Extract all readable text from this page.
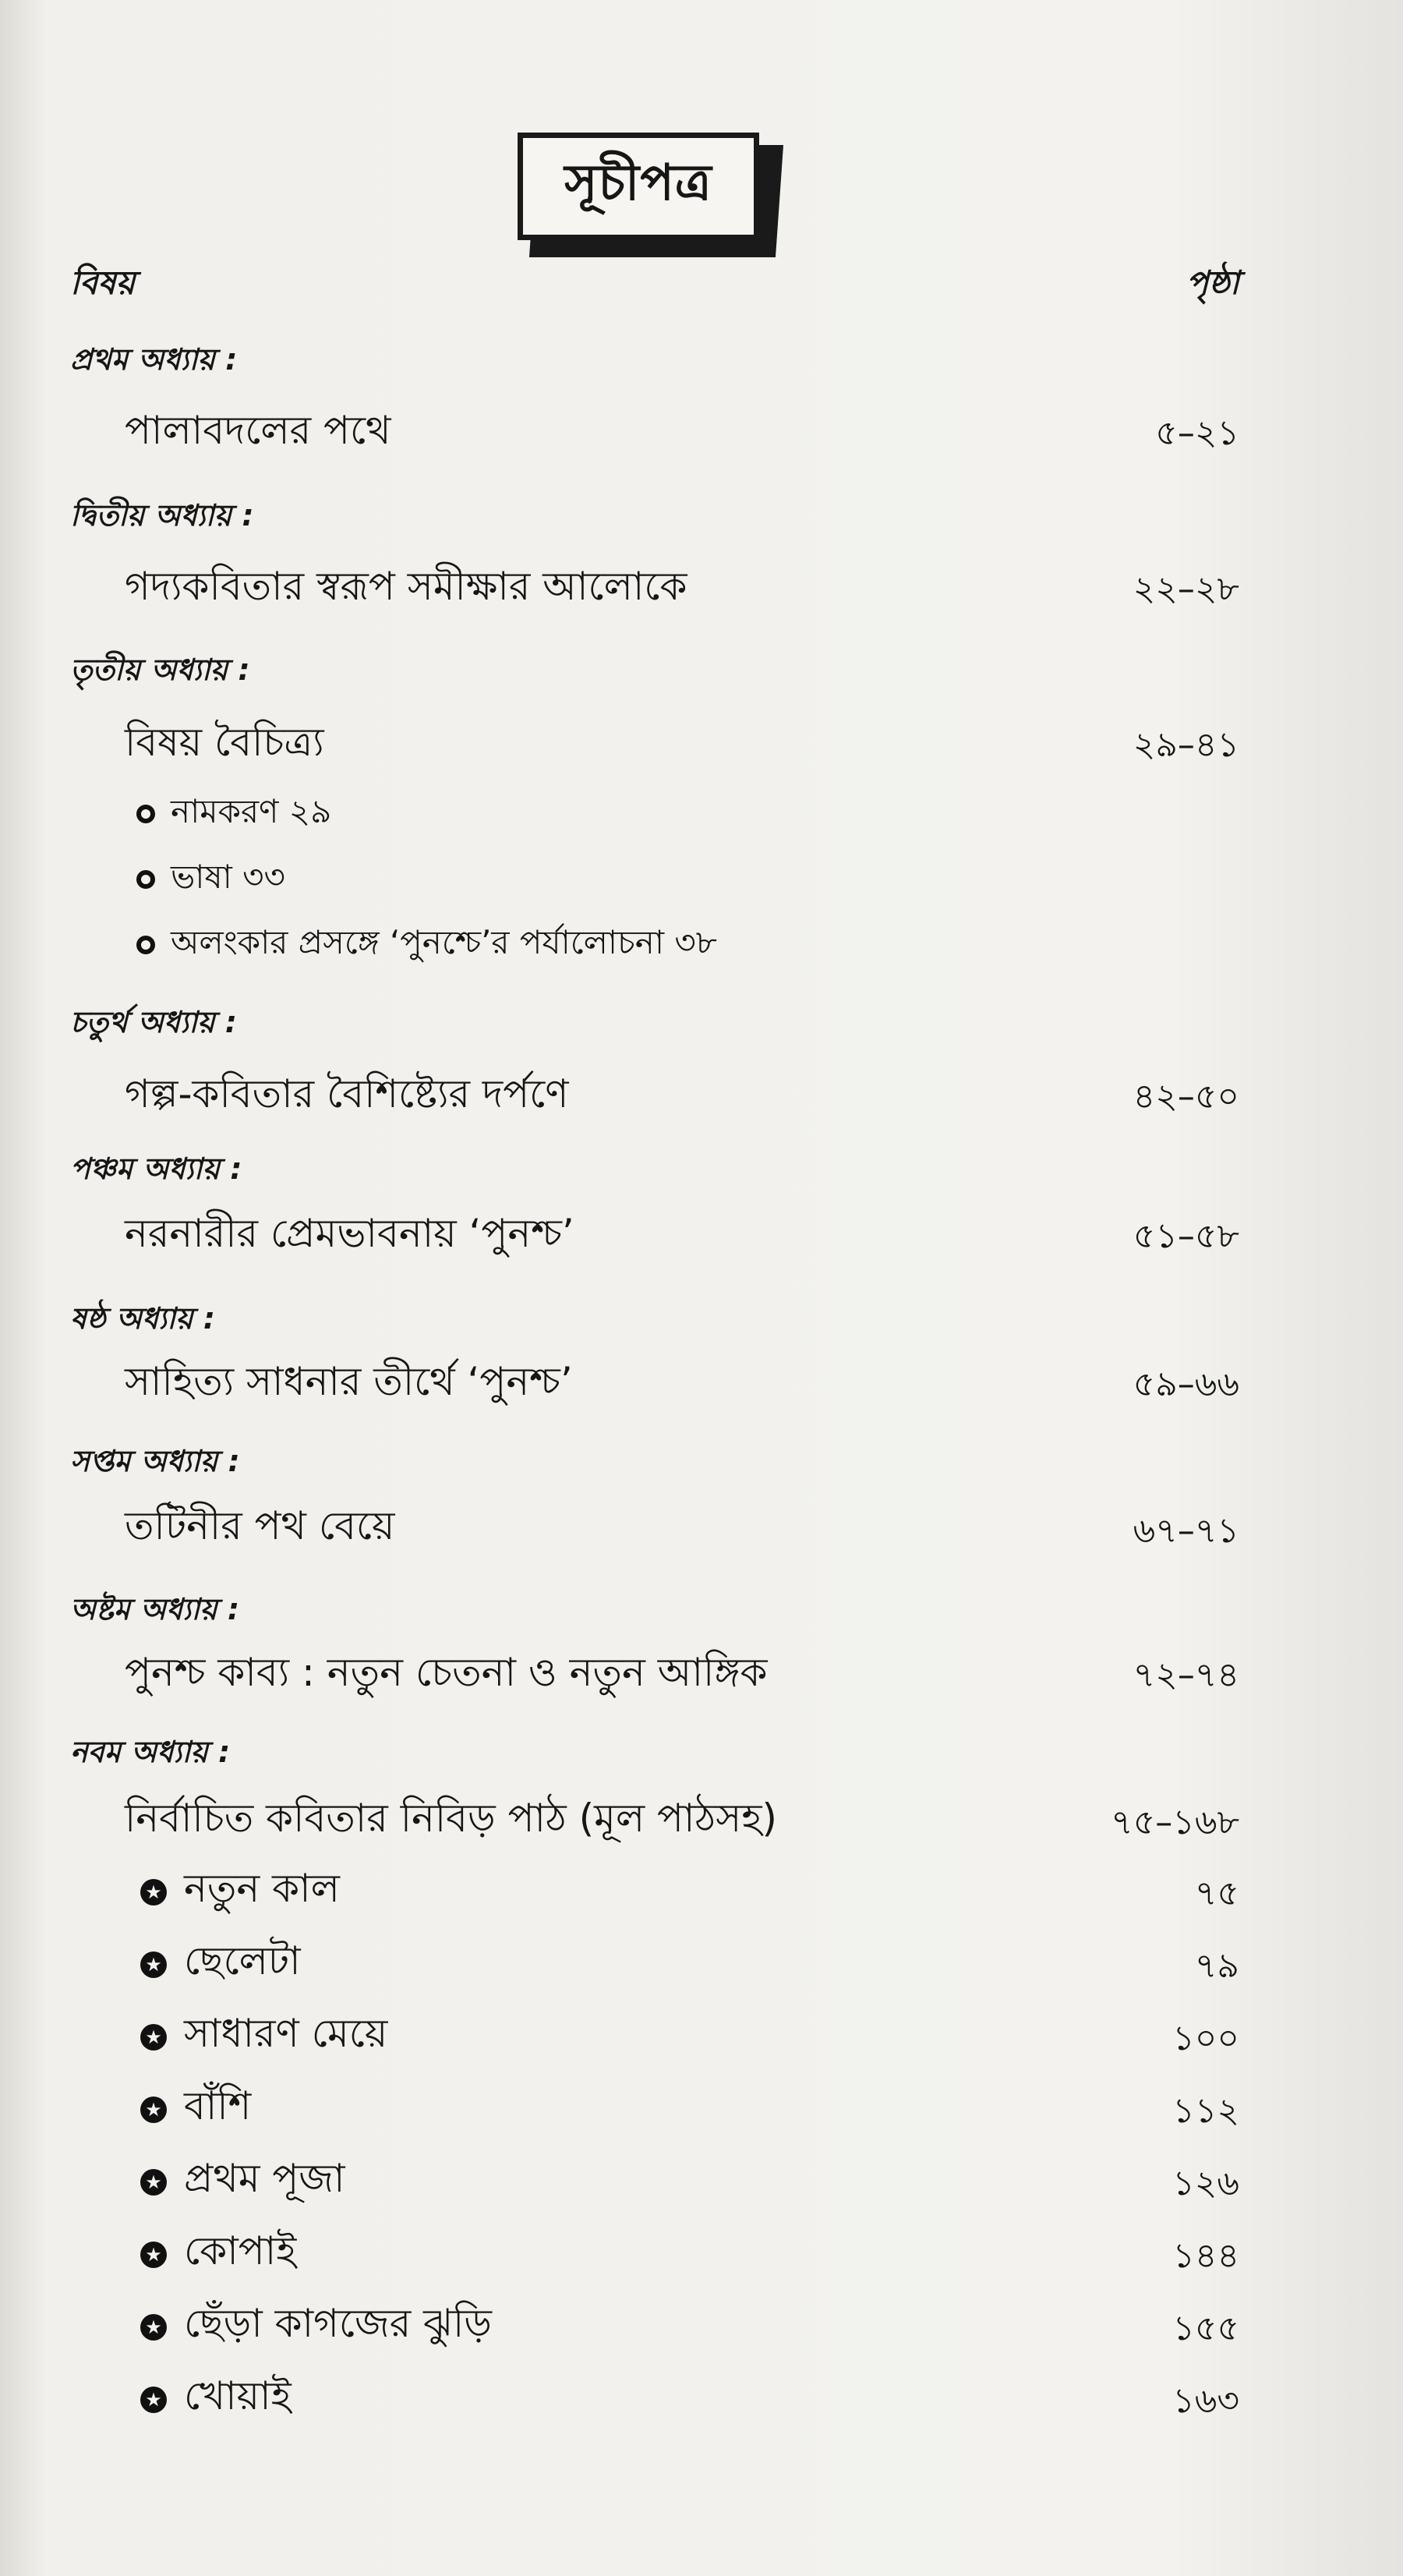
সূচীপত্র
বিষয়	পৃষ্ঠা
প্রথম অধ্যায় :
পালাবদলের পথে	৫–২১
দ্বিতীয় অধ্যায় :
গদ্যকবিতার স্বরূপ সমীক্ষার আলোকে	২২–২৮
তৃতীয় অধ্যায় :
বিষয় বৈচিত্র্য	২৯–৪১
নামকরণ ২৯
ভাষা ৩৩
অলংকার প্রসঙ্গে ‘পুনশ্চে’র পর্যালোচনা ৩৮
চতুর্থ অধ্যায় :
গল্প-কবিতার বৈশিষ্ট্যের দর্পণে	৪২–৫০
পঞ্চম অধ্যায় :
নরনারীর প্রেমভাবনায় ‘পুনশ্চ’	৫১–৫৮
ষষ্ঠ অধ্যায় :
সাহিত্য সাধনার তীর্থে ‘পুনশ্চ’	৫৯–৬৬
সপ্তম অধ্যায় :
তটিনীর পথ বেয়ে	৬৭–৭১
অষ্টম অধ্যায় :
পুনশ্চ কাব্য : নতুন চেতনা ও নতুন আঙ্গিক	৭২–৭৪
নবম অধ্যায় :
নির্বাচিত কবিতার নিবিড় পাঠ (মূল পাঠসহ)	৭৫–১৬৮
★ নতুন কাল	৭৫
★ ছেলেটা	৭৯
★ সাধারণ মেয়ে	১০০
★ বাঁশি	১১২
★ প্রথম পূজা	১২৬
★ কোপাই	১৪৪
★ ছেঁড়া কাগজের ঝুড়ি	১৫৫
★ খোয়াই	১৬৩
